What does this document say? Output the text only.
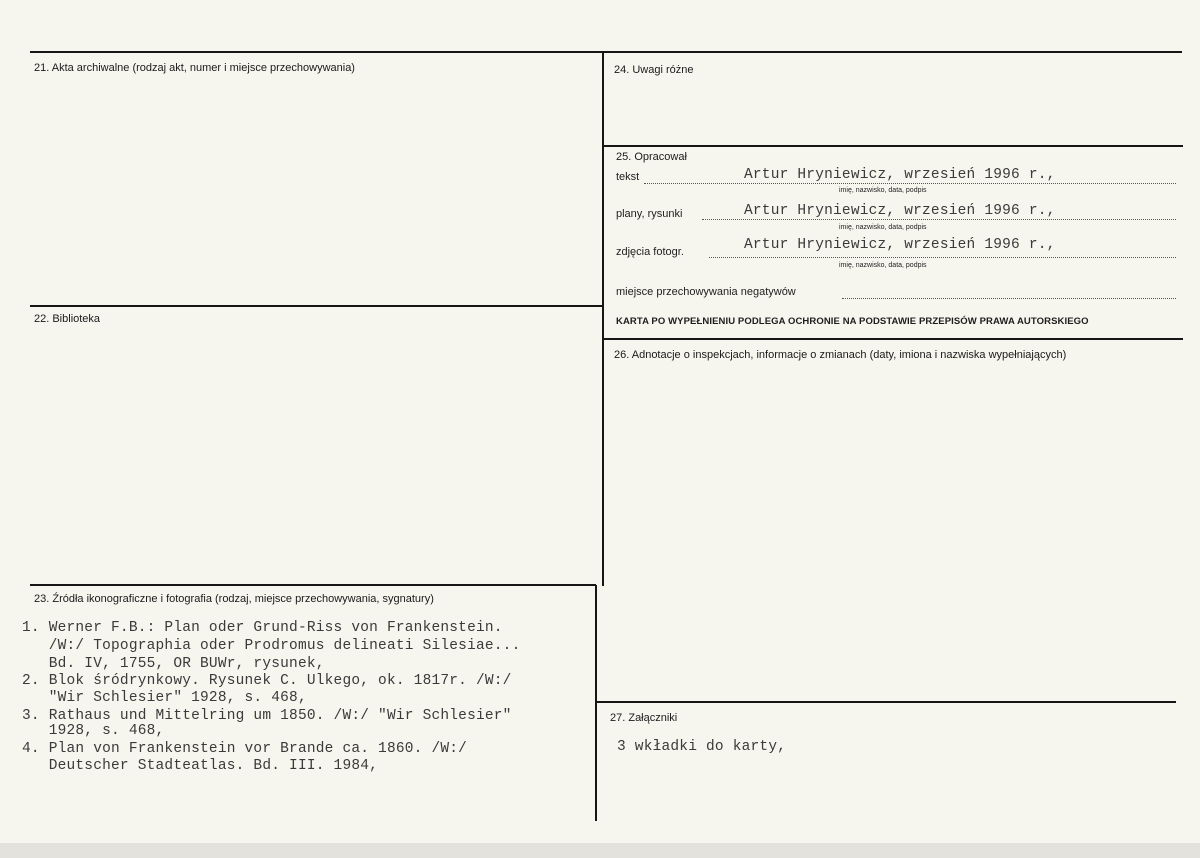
21. Akta archiwalne (rodzaj akt, numer i miejsce przechowywania)
22. Biblioteka
23. Źródła ikonograficzne i fotografia (rodzaj, miejsce przechowywania, sygnatury)
1. Werner F.B.: Plan oder Grund-Riss von Frankenstein.
/W:/ Topographia oder Prodromus delineati Silesiae...
Bd. IV, 1755, OR BUWr, rysunek,
2. Blok śródrynkowy. Rysunek C. Ulkego, ok. 1817r. /W:/
"Wir Schlesier" 1928, s. 468,
3. Rathaus und Mittelring um 1850. /W:/ "Wir Schlesier"
1928, s. 468,
4. Plan von Frankenstein vor Brande ca. 1860. /W:/
Deutscher Stadteatlas. Bd. III. 1984,
24. Uwagi różne
25. Opracował
tekst	Artur Hryniewicz, wrzesień 1996 r.,
imię, nazwisko, data, podpis
plany, rysunki	Artur Hryniewicz, wrzesień 1996 r.,
imię, nazwisko, data, podpis
zdjęcia fotogr.	Artur Hryniewicz, wrzesień 1996 r.,
imię, nazwisko, data, podpis
miejsce przechowywania negatywów
KARTA PO WYPEŁNIENIU PODLEGA OCHRONIE NA PODSTAWIE PRZEPISÓW PRAWA AUTORSKIEGO
26. Adnotacje o inspekcjach, informacje o zmianach (daty, imiona i nazwiska wypełniających)
27. Załączniki
3 wkładki do karty,
